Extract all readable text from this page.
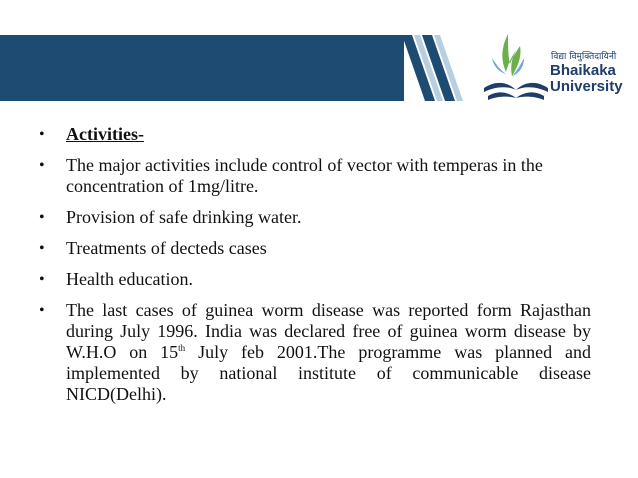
विद्या विमुक्तिदायिनी
Bhaikaka
University
• Activities-
• The major activities include control of vector with temperas in the concentration of 1mg/litre.
• Provision of safe drinking water.
• Treatments of decteds cases
• Health education.
• The last cases of guinea worm disease was reported form Rajasthan during July 1996. India was declared free of guinea worm disease by W.H.O on 15th July feb 2001.The programme was planned and implemented by national institute of communicable disease NICD(Delhi).
